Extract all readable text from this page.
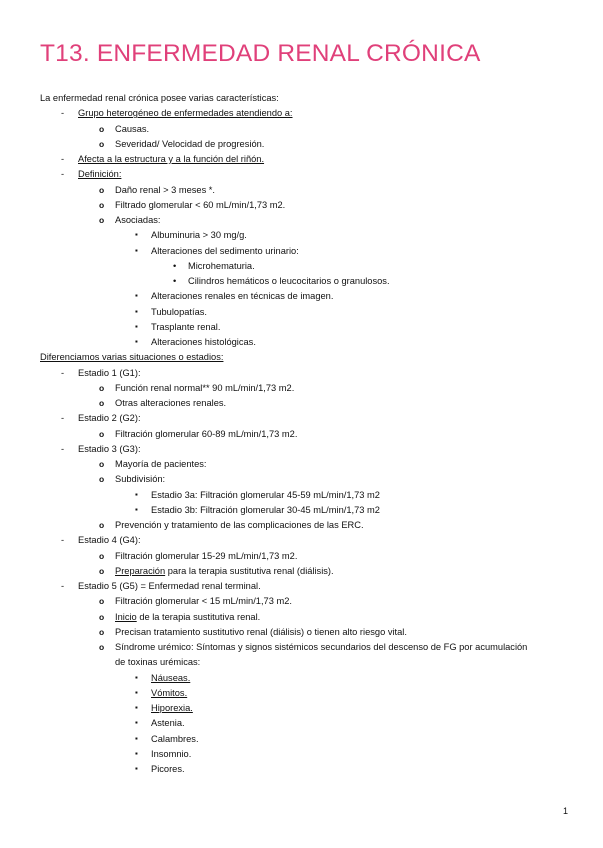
T13. ENFERMEDAD RENAL CRÓNICA
La enfermedad renal crónica posee varias características:
- Grupo heterogéneo de enfermedades atendiendo a:
o Causas.
o Severidad/ Velocidad de progresión.
- Afecta a la estructura y a la función del riñón.
- Definición:
o Daño renal > 3 meses *.
o Filtrado glomerular < 60 mL/min/1,73 m2.
o Asociadas:
▪ Albuminuria > 30 mg/g.
▪ Alteraciones del sedimento urinario:
• Microhematuria.
• Cilindros hemáticos o leucocitarios o granulosos.
▪ Alteraciones renales en técnicas de imagen.
▪ Tubulopatías.
▪ Trasplante renal.
▪ Alteraciones histológicas.
Diferenciamos varias situaciones o estadios:
- Estadio 1 (G1):
o Función renal normal** 90 mL/min/1,73 m2.
o Otras alteraciones renales.
- Estadio 2 (G2):
o Filtración glomerular 60-89 mL/min/1,73 m2.
- Estadio 3 (G3):
o Mayoría de pacientes:
o Subdivisión:
▪ Estadio 3a: Filtración glomerular 45-59 mL/min/1,73 m2
▪ Estadio 3b: Filtración glomerular 30-45 mL/min/1,73 m2
o Prevención y tratamiento de las complicaciones de las ERC.
- Estadio 4 (G4):
o Filtración glomerular 15-29 mL/min/1,73 m2.
o Preparación para la terapia sustitutiva renal (diálisis).
- Estadio 5 (G5) = Enfermedad renal terminal.
o Filtración glomerular < 15 mL/min/1,73 m2.
o Inicio de la terapia sustitutiva renal.
o Precisan tratamiento sustitutivo renal (diálisis) o tienen alto riesgo vital.
o Síndrome urémico: Síntomas y signos sistémicos secundarios del descenso de FG por acumulación
de toxinas urémicas:
▪ Náuseas.
▪ Vómitos.
▪ Hiporexia.
▪ Astenia.
▪ Calambres.
▪ Insomnio.
▪ Picores.
1
